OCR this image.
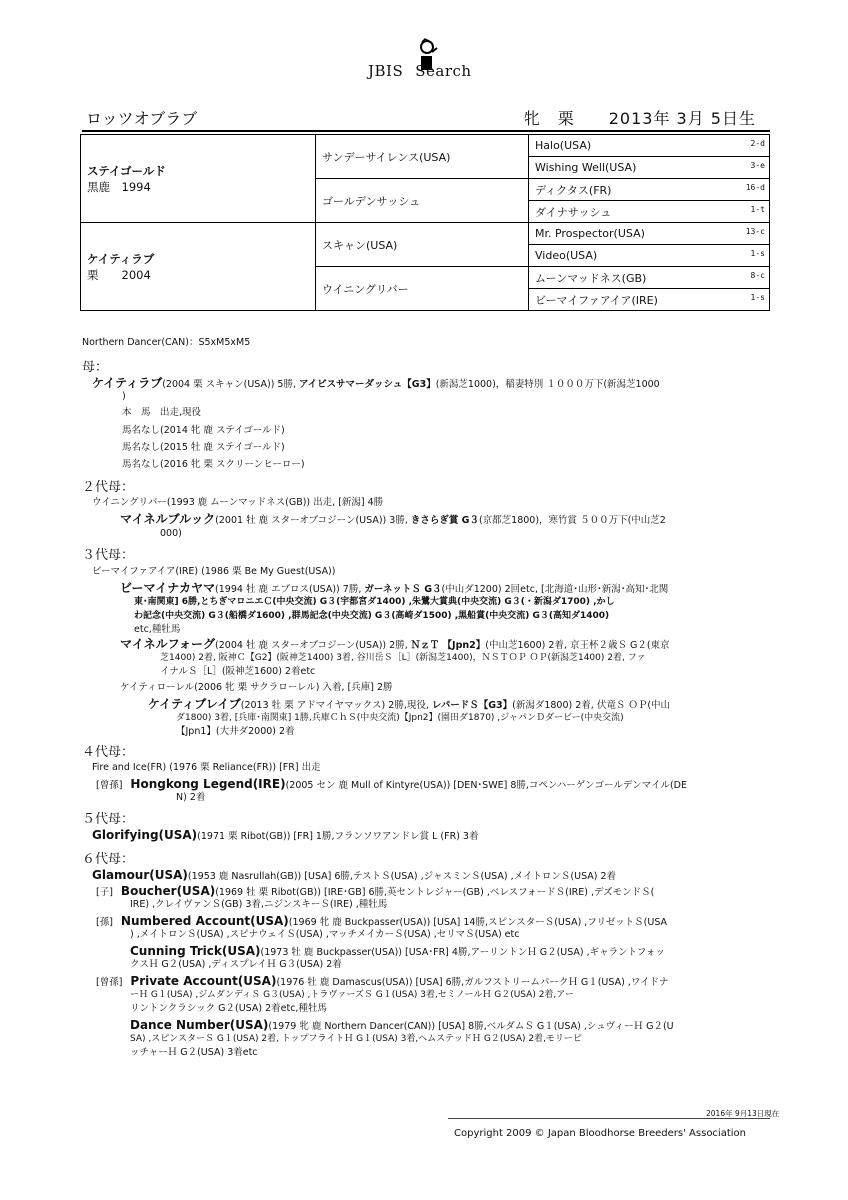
JBIS Search
ロッツオブラブ	牝　栗　　2013年 3月 5日生
ステイゴールド
黒鹿　1994	サンデーサイレンス(USA)	Halo(USA) 2-d

		Wishing Well(USA) 3-e

	ゴールデンサッシュ	ディクタス(FR) 16-d

		ダイナサッシュ 1-t

ケイティラブ
栗　　2004	スキャン(USA)	Mr. Prospector(USA) 13-c

		Video(USA) 1-s

	ウイニングリバー	ムーンマッドネス(GB) 8-c

		ビーマイファアイア(IRE) 1-s
Northern Dancer(CAN)：S5xM5xM5
母：
ケイティラブ(2004 栗 スキャン(USA)) 5勝, アイビスサマーダッシュ【G3】(新潟芝1000)，稲妻特別 １０００万下(新潟芝1000
)
本　馬　出走,現役
馬名なし(2014 牝 鹿 ステイゴールド)
馬名なし(2015 牡 鹿 ステイゴールド)
馬名なし(2016 牝 栗 スクリーンヒーロー)
２代母：
ウイニングリバー(1993 鹿 ムーンマッドネス(GB)) 出走, [新潟] 4勝
マイネルブルック(2001 牡 鹿 スターオブコジーン(USA)) 3勝, きさらぎ賞 G３(京都芝1800)，寒竹賞 ５００万下(中山芝2
000)
３代母：
ビーマイファアイア(IRE) (1986 栗 Be My Guest(USA))
ビーマイナカヤマ(1994 牡 鹿 エブロス(USA)) 7勝, ガーネットＳ G３(中山ダ1200) 2回etc, [北海道･山形･新潟･高知･北関
東･南関東] 6勝,とちぎマロニエＣ(中央交流) G３(宇都宮ダ1400) ,朱鷺大賞典(中央交流) G３(・新潟ダ1700) ,かし
わ記念(中央交流) G３(船橋ダ1600) ,群馬記念(中央交流) G３(高崎ダ1500) ,黒船賞(中央交流) G３(高知ダ1400)
etc,種牡馬
マイネルフォーグ(2004 牡 鹿 スターオブコジーン(USA)) 2勝, ＮｚＴ 【Jpn2】(中山芝1600) 2着, 京王杯２歳Ｓ G２(東京
芝1400) 2着, 阪神Ｃ【G2】(阪神芝1400) 3着, 谷川岳Ｓ［L］(新潟芝1400)，ＮＳＴＯＰ ＯＰ(新潟芝1400) 2着, ファ
イナルＳ［L］(阪神芝1600) 2着etc
ケイティローレル(2006 牝 栗 サクラローレル) 入着, [兵庫] 2勝
ケイティブレイブ(2013 牡 栗 アドマイヤマックス) 2勝,現役, レパードＳ【G3】(新潟ダ1800) 2着, 伏竜Ｓ ＯＰ(中山
ダ1800) 3着, [兵庫･南関東] 1勝,兵庫ＣｈＳ(中央交流)【Jpn2】(園田ダ1870) ,ジャパンＤダービー(中央交流)
【Jpn1】(大井ダ2000) 2着
４代母：
Fire and Ice(FR) (1976 栗 Reliance(FR)) [FR] 出走
[曾孫] Hongkong Legend(IRE)(2005 セン 鹿 Mull of Kintyre(USA)) [DEN･SWE] 8勝,コペンハーゲンゴールデンマイル(DE
N) 2着
５代母：
Glorifying(USA)(1971 栗 Ribot(GB)) [FR] 1勝,フランソワアンドレ賞 L (FR) 3着
６代母：
Glamour(USA)(1953 鹿 Nasrullah(GB)) [USA] 6勝,テストＳ(USA) ,ジャスミンＳ(USA) ,メイトロンＳ(USA) 2着
[子] Boucher(USA)(1969 牡 栗 Ribot(GB)) [IRE･GB] 6勝,英セントレジャー(GB) ,ベレスフォードＳ(IRE) ,デズモンドＳ(
IRE) ,クレイヴァンＳ(GB) 3着,ニジンスキーＳ(IRE) ,種牡馬
[孫] Numbered Account(USA)(1969 牝 鹿 Buckpasser(USA)) [USA] 14勝,スピンスターＳ(USA) ,フリゼットＳ(USA
) ,メイトロンＳ(USA) ,スピナウェイＳ(USA) ,マッチメイカーＳ(USA) ,セリマＳ(USA) etc
Cunning Trick(USA)(1973 牡 鹿 Buckpasser(USA)) [USA･FR] 4勝,アーリントンＨ G２(USA) ,ギャラントフォッ
クスＨ G２(USA) ,ディスプレイＨ G３(USA) 2着
[曾孫] Private Account(USA)(1976 牡 鹿 Damascus(USA)) [USA] 6勝,ガルフストリームパークＨ G１(USA) ,ワイドナ
ーＨ G１(USA) ,ジムダンディＳ G３(USA) ,トラヴァーズＳ G１(USA) 3着,セミノールＨ G２(USA) 2着,アー
リントンクラシック G２(USA) 2着etc,種牡馬
Dance Number(USA)(1979 牝 鹿 Northern Dancer(CAN)) [USA] 8勝,ベルダムＳ G１(USA) ,シュヴィーＨ G２(U
SA) ,スピンスターＳ G１(USA) 2着, トップフライトＨ G１(USA) 3着,ヘムステッドＨ G２(USA) 2着,モリービ
ッチャーＨ G２(USA) 3着etc
2016年 9月13日現在
Copyright 2009 © Japan Bloodhorse Breeders' Association
